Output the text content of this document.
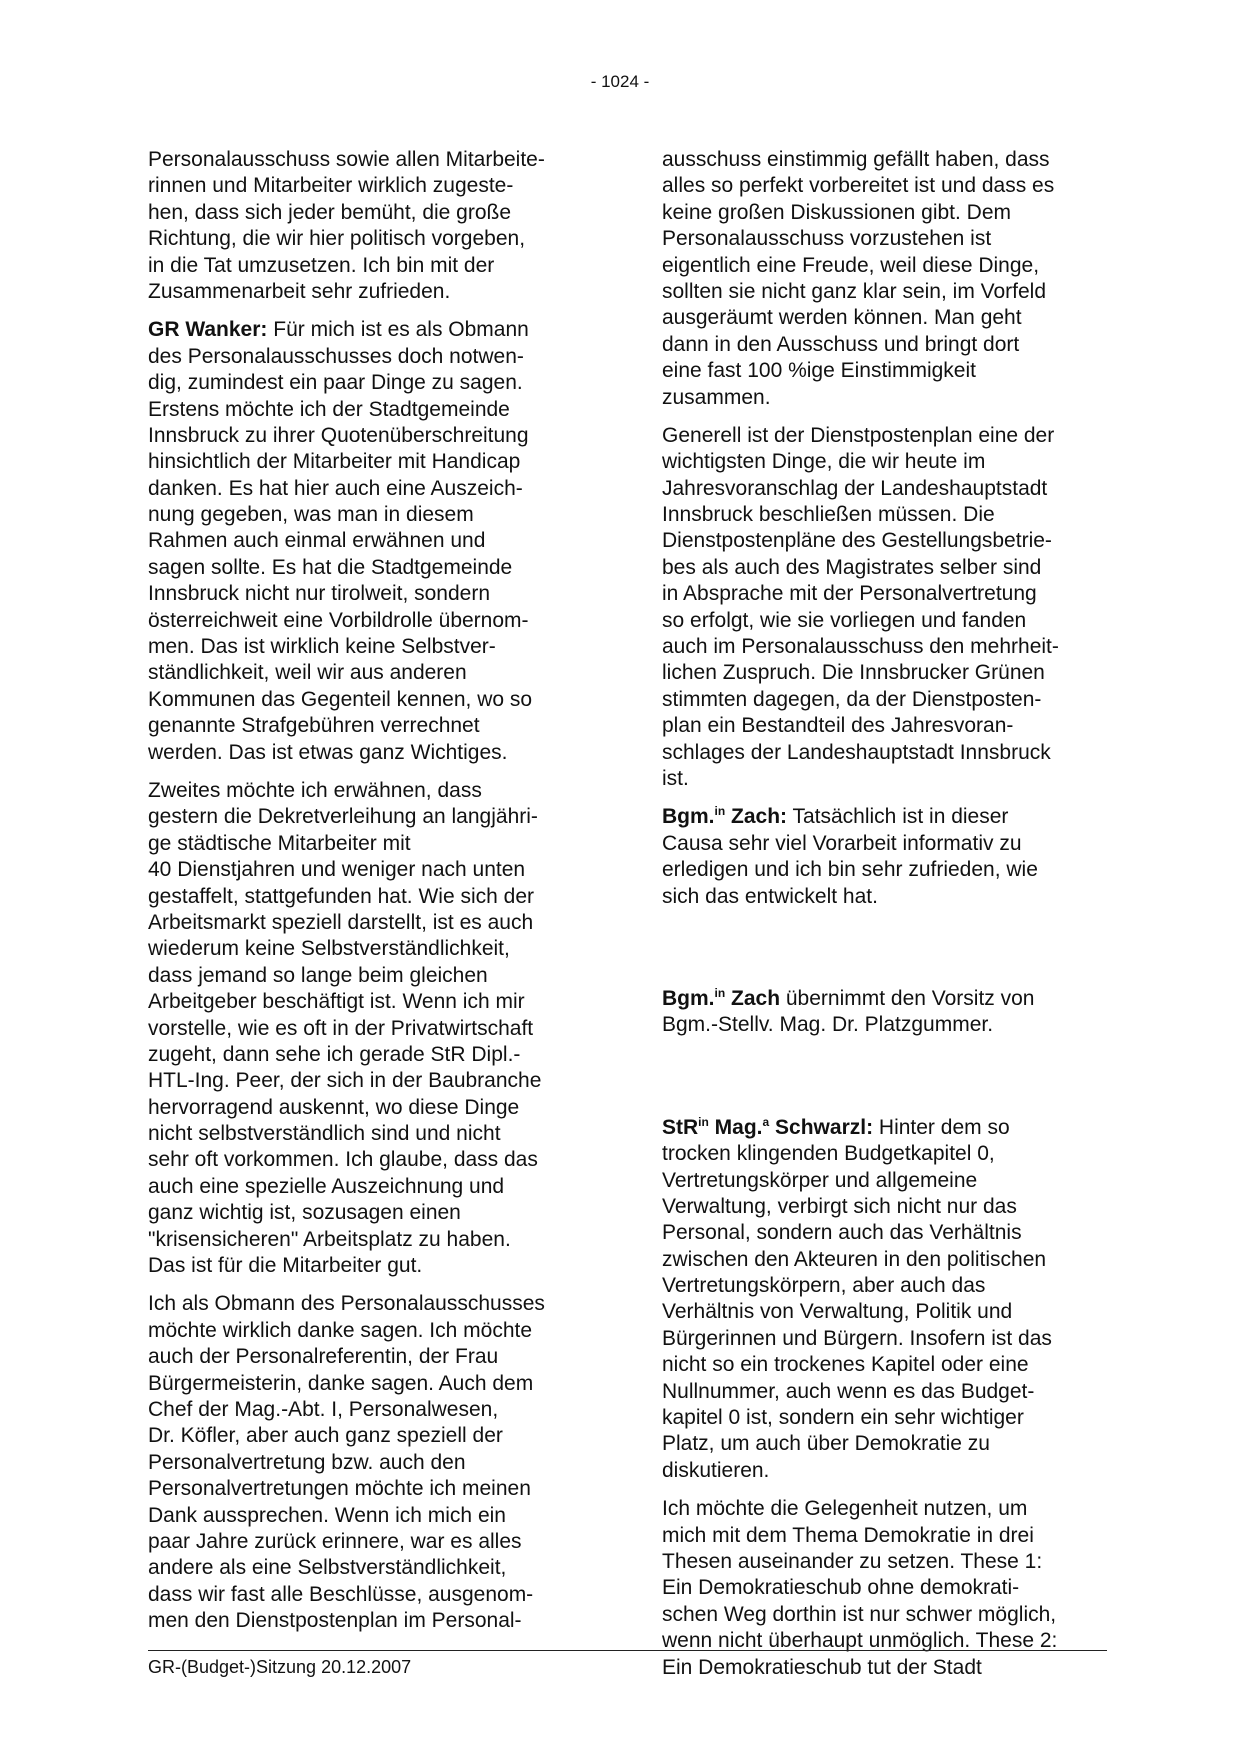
- 1024 -
Personalausschuss sowie allen Mitarbeite-
rinnen und Mitarbeiter wirklich zugeste-
hen, dass sich jeder bemüht, die große
Richtung, die wir hier politisch vorgeben,
in die Tat umzusetzen. Ich bin mit der
Zusammenarbeit sehr zufrieden.
GR Wanker: Für mich ist es als Obmann
des Personalausschusses doch notwen-
dig, zumindest ein paar Dinge zu sagen.
Erstens möchte ich der Stadtgemeinde
Innsbruck zu ihrer Quotenüberschreitung
hinsichtlich der Mitarbeiter mit Handicap
danken. Es hat hier auch eine Auszeich-
nung gegeben, was man in diesem
Rahmen auch einmal erwähnen und
sagen sollte. Es hat die Stadtgemeinde
Innsbruck nicht nur tirolweit, sondern
österreichweit eine Vorbildrolle übernom-
men. Das ist wirklich keine Selbstver-
ständlichkeit, weil wir aus anderen
Kommunen das Gegenteil kennen, wo so
genannte Strafgebühren verrechnet
werden. Das ist etwas ganz Wichtiges.
Zweites möchte ich erwähnen, dass
gestern die Dekretverleihung an langjähri-
ge städtische Mitarbeiter mit
40 Dienstjahren und weniger nach unten
gestaffelt, stattgefunden hat. Wie sich der
Arbeitsmarkt speziell darstellt, ist es auch
wiederum keine Selbstverständlichkeit,
dass jemand so lange beim gleichen
Arbeitgeber beschäftigt ist. Wenn ich mir
vorstelle, wie es oft in der Privatwirtschaft
zugeht, dann sehe ich gerade StR Dipl.-
HTL-Ing. Peer, der sich in der Baubranche
hervorragend auskennt, wo diese Dinge
nicht selbstverständlich sind und nicht
sehr oft vorkommen. Ich glaube, dass das
auch eine spezielle Auszeichnung und
ganz wichtig ist, sozusagen einen
"krisensicheren" Arbeitsplatz zu haben.
Das ist für die Mitarbeiter gut.
Ich als Obmann des Personalausschusses
möchte wirklich danke sagen. Ich möchte
auch der Personalreferentin, der Frau
Bürgermeisterin, danke sagen. Auch dem
Chef der Mag.-Abt. I, Personalwesen,
Dr. Köfler, aber auch ganz speziell der
Personalvertretung bzw. auch den
Personalvertretungen möchte ich meinen
Dank aussprechen. Wenn ich mich ein
paar Jahre zurück erinnere, war es alles
andere als eine Selbstverständlichkeit,
dass wir fast alle Beschlüsse, ausgenom-
men den Dienstpostenplan im Personal-
ausschuss einstimmig gefällt haben, dass
alles so perfekt vorbereitet ist und dass es
keine großen Diskussionen gibt. Dem
Personalausschuss vorzustehen ist
eigentlich eine Freude, weil diese Dinge,
sollten sie nicht ganz klar sein, im Vorfeld
ausgeräumt werden können. Man geht
dann in den Ausschuss und bringt dort
eine fast 100 %ige Einstimmigkeit
zusammen.
Generell ist der Dienstpostenplan eine der
wichtigsten Dinge, die wir heute im
Jahresvoranschlag der Landeshauptstadt
Innsbruck beschließen müssen. Die
Dienstpostenpläne des Gestellungsbetrie-
bes als auch des Magistrates selber sind
in Absprache mit der Personalvertretung
so erfolgt, wie sie vorliegen und fanden
auch im Personalausschuss den mehrheit-
lichen Zuspruch. Die Innsbrucker Grünen
stimmten dagegen, da der Dienstposten-
plan ein Bestandteil des Jahresvoran-
schlages der Landeshauptstadt Innsbruck
ist.
Bgm.$^{in}$ Zach: Tatsächlich ist in dieser
Causa sehr viel Vorarbeit informativ zu
erledigen und ich bin sehr zufrieden, wie
sich das entwickelt hat.
Bgm.$^{in}$ Zach übernimmt den Vorsitz von
Bgm.-Stellv. Mag. Dr. Platzgummer.
StR$^{in}$ Mag.$^a$ Schwarzl: Hinter dem so
trocken klingenden Budgetkapitel 0,
Vertretungskörper und allgemeine
Verwaltung, verbirgt sich nicht nur das
Personal, sondern auch das Verhältnis
zwischen den Akteuren in den politischen
Vertretungskörpern, aber auch das
Verhältnis von Verwaltung, Politik und
Bürgerinnen und Bürgern. Insofern ist das
nicht so ein trockenes Kapitel oder eine
Nullnummer, auch wenn es das Budget-
kapitel 0 ist, sondern ein sehr wichtiger
Platz, um auch über Demokratie zu
diskutieren.
Ich möchte die Gelegenheit nutzen, um
mich mit dem Thema Demokratie in drei
Thesen auseinander zu setzen. These 1:
Ein Demokratieschub ohne demokrati-
schen Weg dorthin ist nur schwer möglich,
wenn nicht überhaupt unmöglich. These 2:
Ein Demokratieschub tut der Stadt
GR-(Budget-)Sitzung 20.12.2007
